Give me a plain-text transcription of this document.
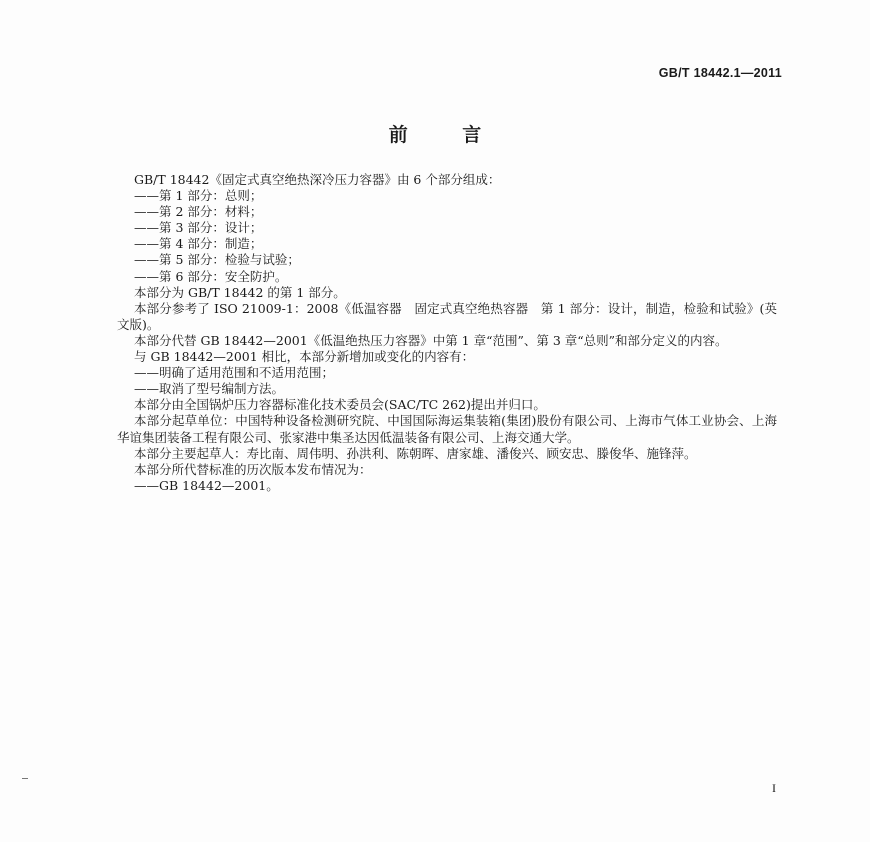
GB/T 18442.1—2011
前 言

GB/T 18442《固定式真空绝热深冷压力容器》由 6 个部分组成：

——第 1 部分：总则；

——第 2 部分：材料；

——第 3 部分：设计；

——第 4 部分：制造；

——第 5 部分：检验与试验；

——第 6 部分：安全防护。

本部分为 GB/T 18442 的第 1 部分。

本部分参考了 ISO 21009-1：2008《低温容器　固定式真空绝热容器　第 1 部分：设计，制造，检验和试验》(英文版)。

本部分代替 GB 18442—2001《低温绝热压力容器》中第 1 章“范围”、第 3 章“总则”和部分定义的内容。

与 GB 18442—2001 相比，本部分新增加或变化的内容有：

——明确了适用范围和不适用范围；

——取消了型号编制方法。

本部分由全国锅炉压力容器标准化技术委员会(SAC/TC 262)提出并归口。

本部分起草单位：中国特种设备检测研究院、中国国际海运集装箱(集团)股份有限公司、上海市气体工业协会、上海华谊集团装备工程有限公司、张家港中集圣达因低温装备有限公司、上海交通大学。

本部分主要起草人：寿比南、周伟明、孙洪利、陈朝晖、唐家雄、潘俊兴、顾安忠、滕俊华、施锋萍。

本部分所代替标准的历次版本发布情况为：

——GB 18442—2001。

I
